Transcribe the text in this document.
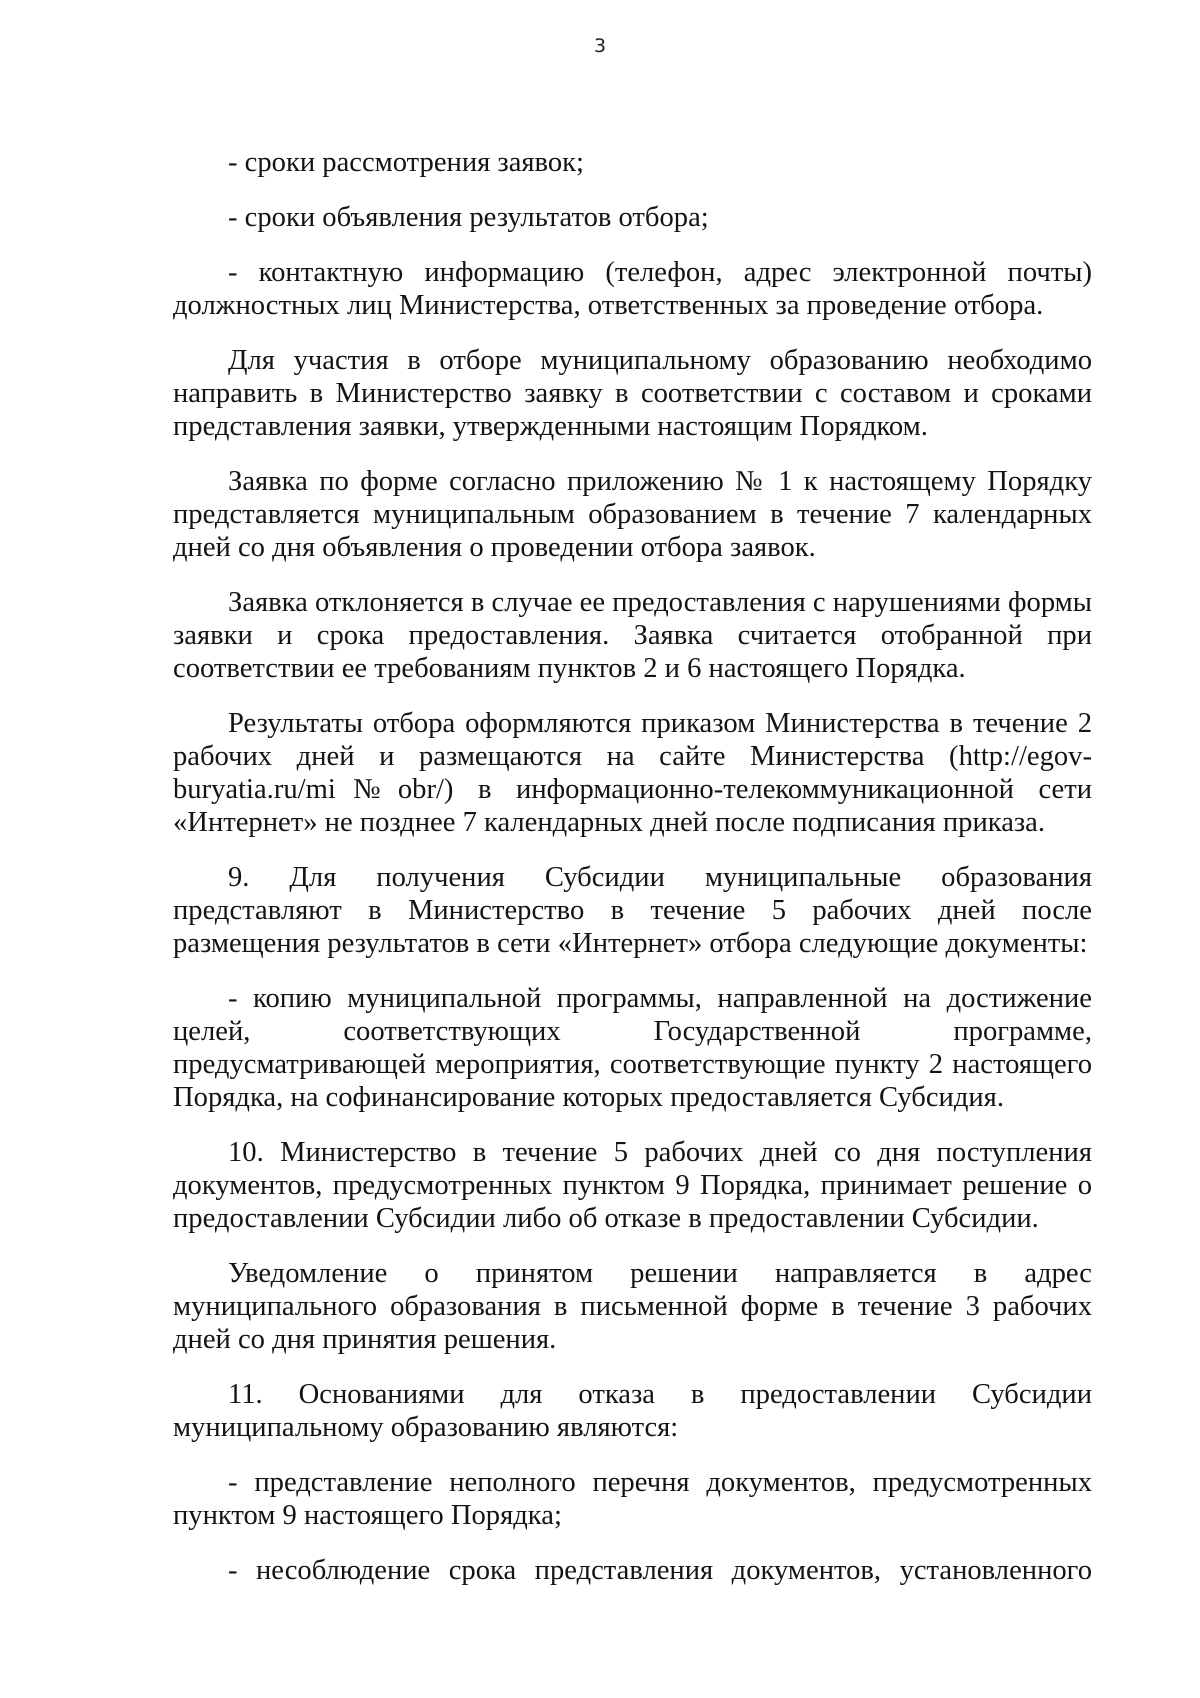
3

- сроки рассмотрения заявок;

- сроки объявления результатов отбора;

- контактную информацию (телефон, адрес электронной почты) должностных лиц Министерства, ответственных за проведение отбора.

Для участия в отборе муниципальному образованию необходимо направить в Министерство заявку в соответствии с составом и сроками представления заявки, утвержденными настоящим Порядком.

Заявка по форме согласно приложению № 1 к настоящему Порядку представляется муниципальным образованием в течение 7 календарных дней со дня объявления о проведении отбора заявок.

Заявка отклоняется в случае ее предоставления с нарушениями формы заявки и срока предоставления. Заявка считается отобранной при соответствии ее требованиям пунктов 2 и 6 настоящего Порядка.

Результаты отбора оформляются приказом Министерства в течение 2 рабочих дней и размещаются на сайте Министерства (http://egov-buryatia.ru/mi№obr/) в информационно-телекоммуникационной сети «Интернет» не позднее 7 календарных дней после подписания приказа.

9. Для получения Субсидии муниципальные образования представляют в Министерство в течение 5 рабочих дней после размещения результатов в сети «Интернет» отбора следующие документы:

- копию муниципальной программы, направленной на достижение целей, соответствующих Государственной программе, предусматривающей мероприятия, соответствующие пункту 2 настоящего Порядка, на софинансирование которых предоставляется Субсидия.

10. Министерство в течение 5 рабочих дней со дня поступления документов, предусмотренных пунктом 9 Порядка, принимает решение о предоставлении Субсидии либо об отказе в предоставлении Субсидии.

Уведомление о принятом решении направляется в адрес муниципального образования в письменной форме в течение 3 рабочих дней со дня принятия решения.

11. Основаниями для отказа в предоставлении Субсидии муниципальному образованию являются:

- представление неполного перечня документов, предусмотренных пунктом 9 настоящего Порядка;

- несоблюдение срока представления документов, установленного
